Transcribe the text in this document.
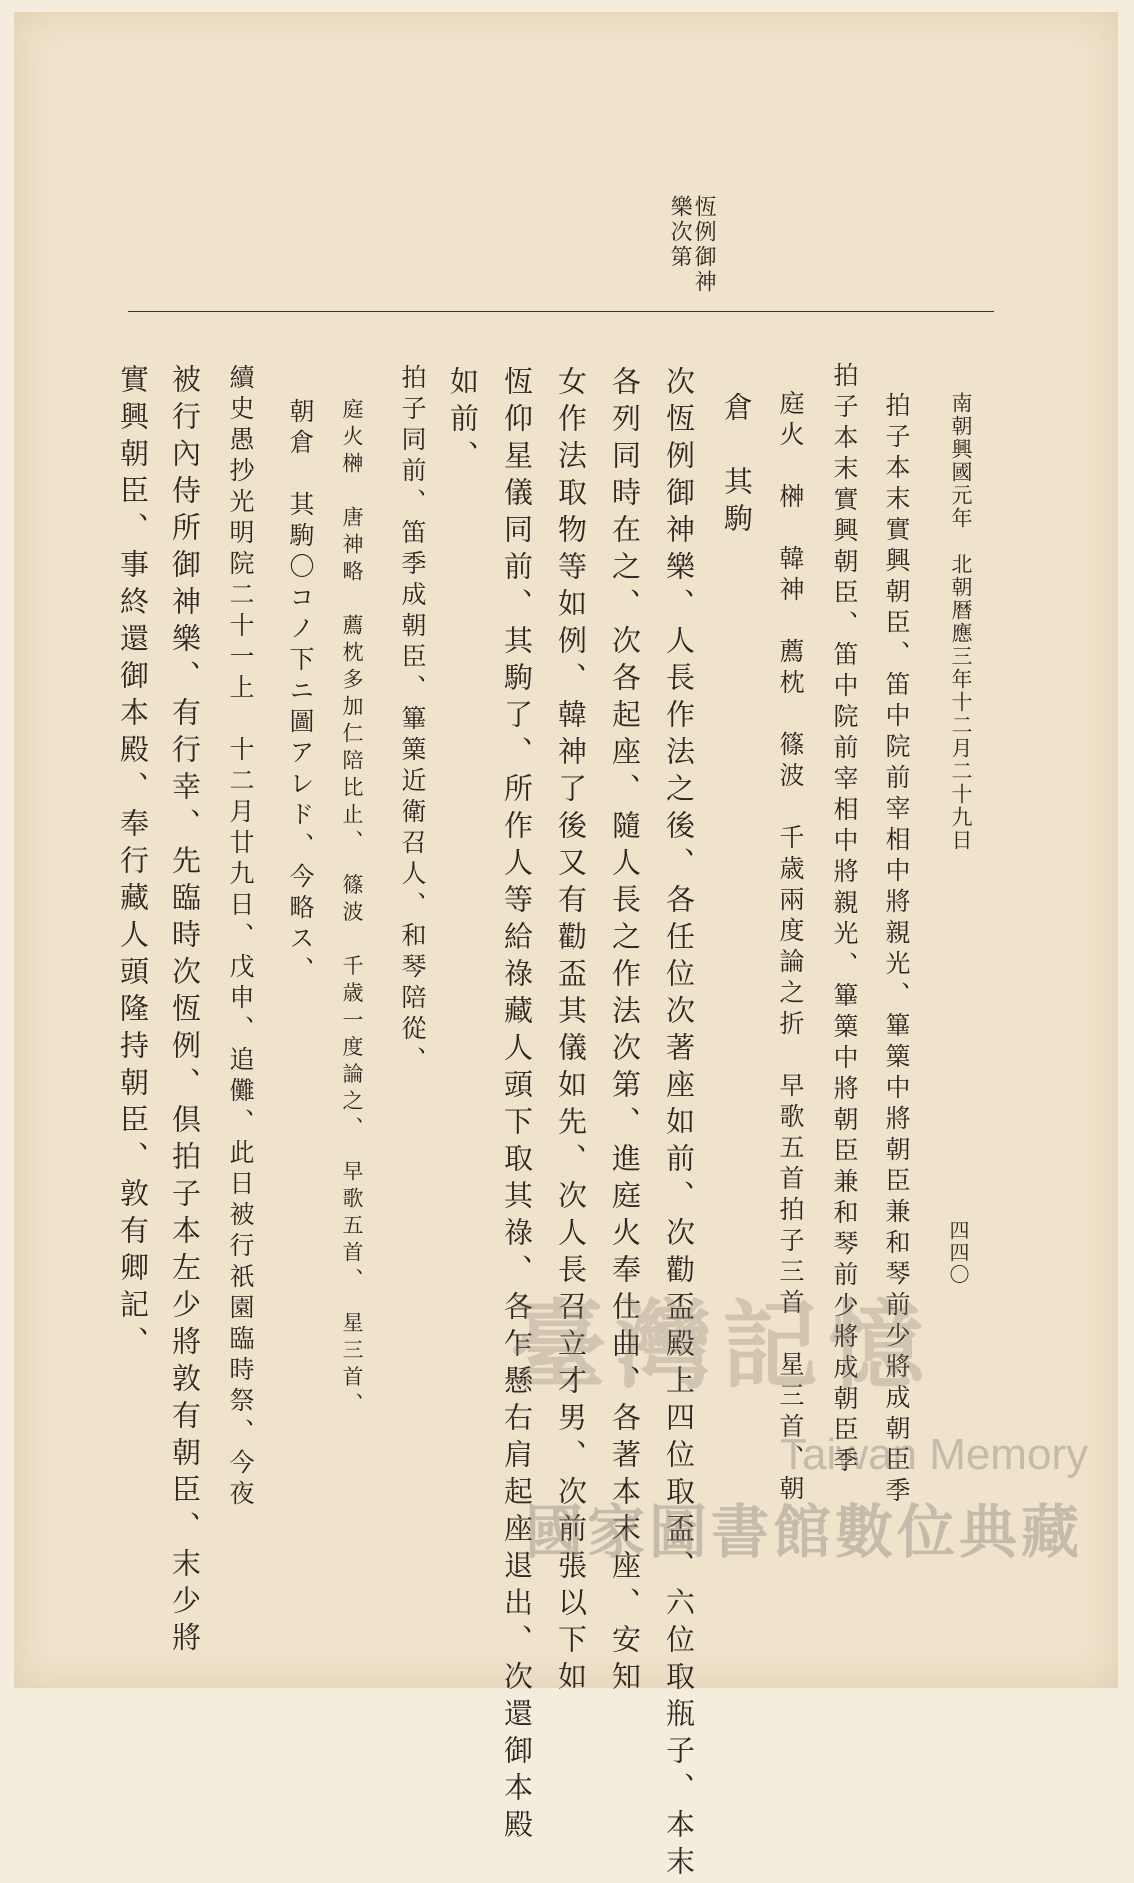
南朝興國元年　北朝暦應三年十二月二十九日
四四〇
恆例御神
樂次第
拍子本末實興朝臣、笛中院前宰相中將親光、篳篥中將朝臣兼和琴前少將成朝臣季
拍子本末實興朝臣、笛中院前宰相中將親光、篳篥中將朝臣兼和琴前少將成朝臣季
庭火　榊　韓神　薦枕　篠波　千歳兩度論之折　早歌五首拍子三首　星三首、朝
倉　其駒
次恆例御神樂、人長作法之後、各任位次著座如前、次勸盃殿上四位取盃、六位取瓶子、本末
各列同時在之、次各起座、隨人長之作法次第、進庭火奉仕曲、各著本末座、安知
女作法取物等如例、韓神了後又有勸盃其儀如先、次人長召立才男、次前張以下如
恆仰星儀同前、其駒了、所作人等給祿藏人頭下取其祿、各乍懸右肩起座退出、次還御本殿
如前、
拍子同前、笛季成朝臣、篳篥近衛召人、和琴陪從、
庭火榊　唐神略　薦枕多加仁陪比止、　篠波　千歳一度論之、　早歌五首、　星三首、
朝倉　其駒〇コノ下ニ圖アレド、今略ス、
續史愚抄光明院二十一上　十二月廿九日、戊申、追儺、此日被行祇園臨時祭、今夜
被行內侍所御神樂、有行幸、先臨時次恆例、倶拍子本左少將敦有朝臣、末少將
實興朝臣、事終還御本殿、奉行藏人頭隆持朝臣、敦有卿記、	臺灣記憶
Taiwan Memory
國家圖書館數位典藏
